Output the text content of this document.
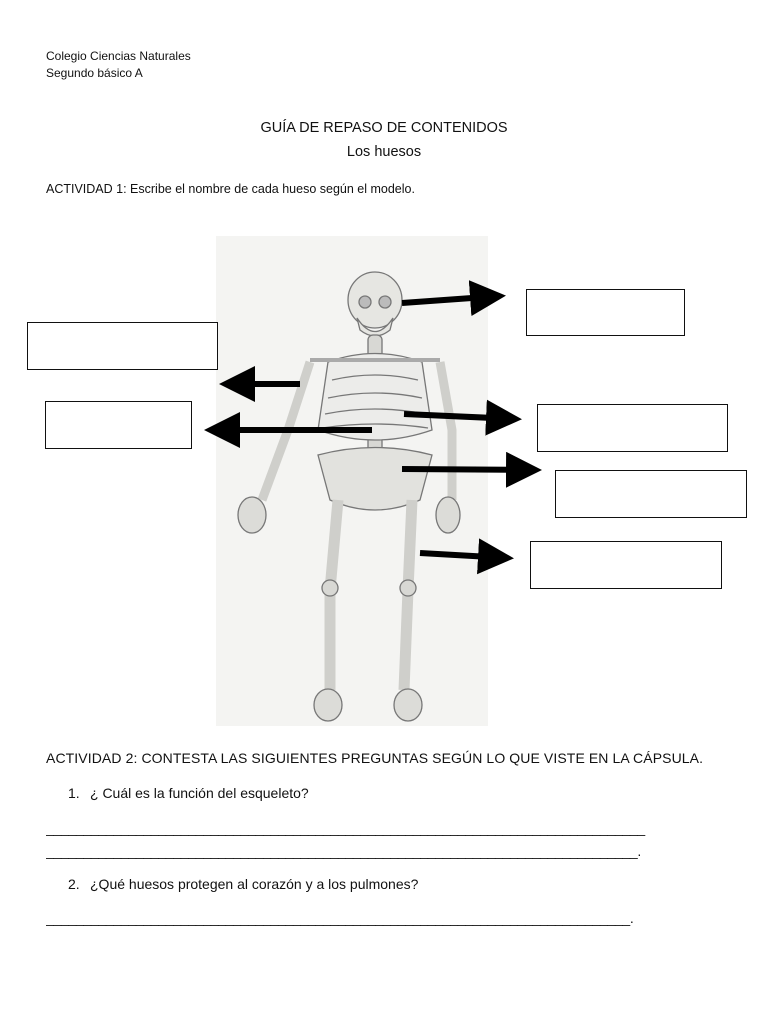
Colegio Ciencias Naturales
Segundo básico A
GUÍA DE REPASO DE CONTENIDOS
Los huesos
ACTIVIDAD 1: Escribe el nombre de cada hueso según el modelo.
ACTIVIDAD 2: CONTESTA LAS SIGUIENTES PREGUNTAS SEGÚN LO QUE VISTE EN LA CÁPSULA.
1. ¿ Cuál es la función del esqueleto?
________________________________________________________________________________
_______________________________________________________________________________.
2. ¿Qué huesos protegen al corazón y a los pulmones?
______________________________________________________________________________.
